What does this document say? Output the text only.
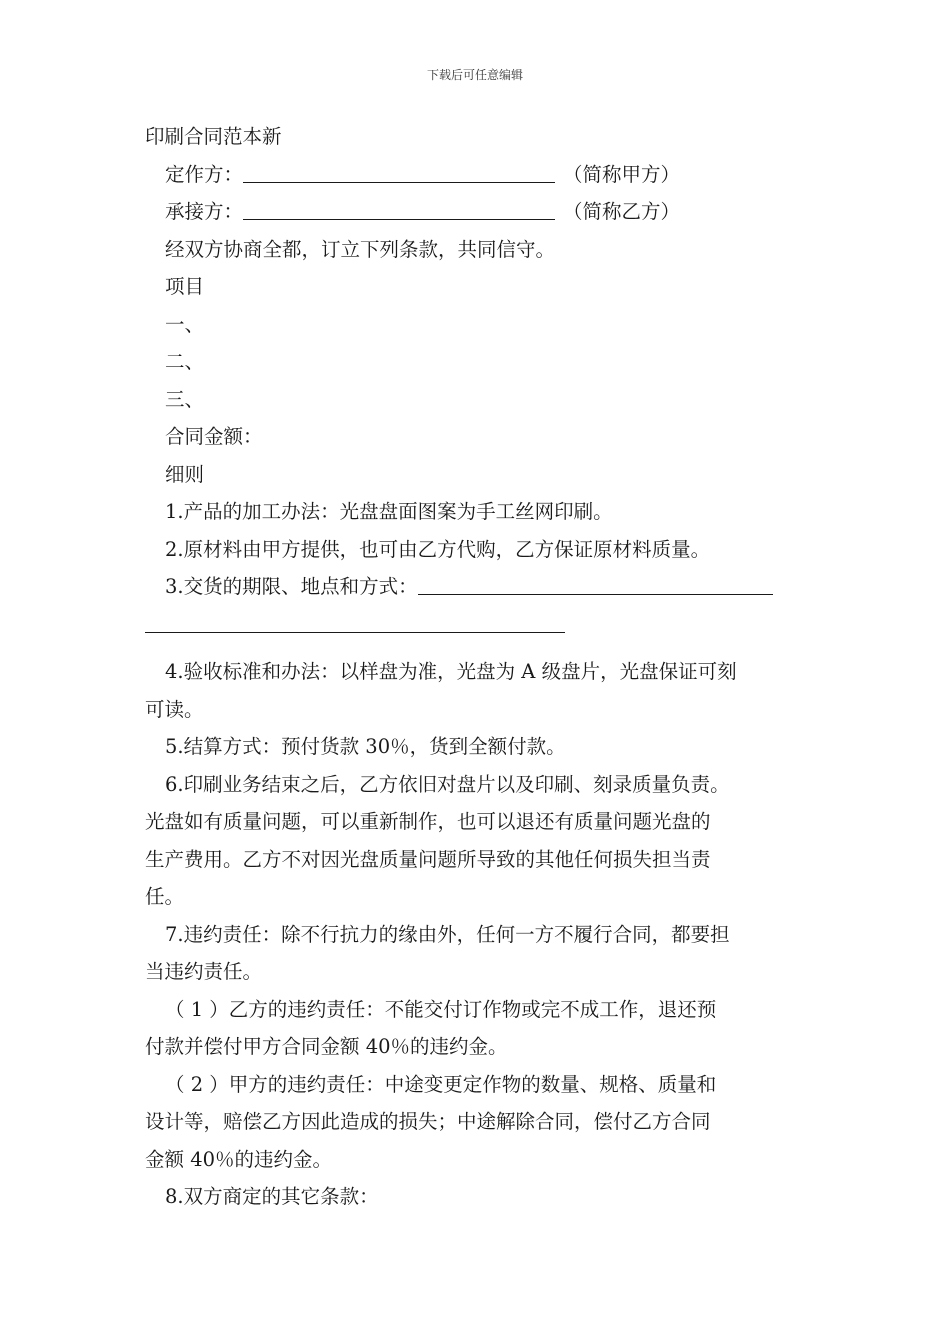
下载后可任意编辑
印刷合同范本新
定作方：	（简称甲方）
承接方：	（简称乙方）
经双方协商全都，订立下列条款，共同信守。
项目
一、
二、
三、
合同金额：
细则
1.产品的加工办法：光盘盘面图案为手工丝网印刷。
2.原材料由甲方提供，也可由乙方代购，乙方保证原材料质量。
3.交货的期限、地点和方式：
4.验收标准和办法：以样盘为准，光盘为 A 级盘片，光盘保证可刻
可读。
5.结算方式：预付货款 30％，货到全额付款。
6.印刷业务结束之后，乙方依旧对盘片以及印刷、刻录质量负责。
光盘如有质量问题，可以重新制作，也可以退还有质量问题光盘的
生产费用。乙方不对因光盘质量问题所导致的其他任何损失担当责
任。
7.违约责任：除不行抗力的缘由外，任何一方不履行合同，都要担
当违约责任。
（ 1 ）乙方的违约责任：不能交付订作物或完不成工作，退还预
付款并偿付甲方合同金额 40％的违约金。
（ 2 ）甲方的违约责任：中途变更定作物的数量、规格、质量和
设计等，赔偿乙方因此造成的损失；中途解除合同，偿付乙方合同
金额 40％的违约金。
8.双方商定的其它条款：
